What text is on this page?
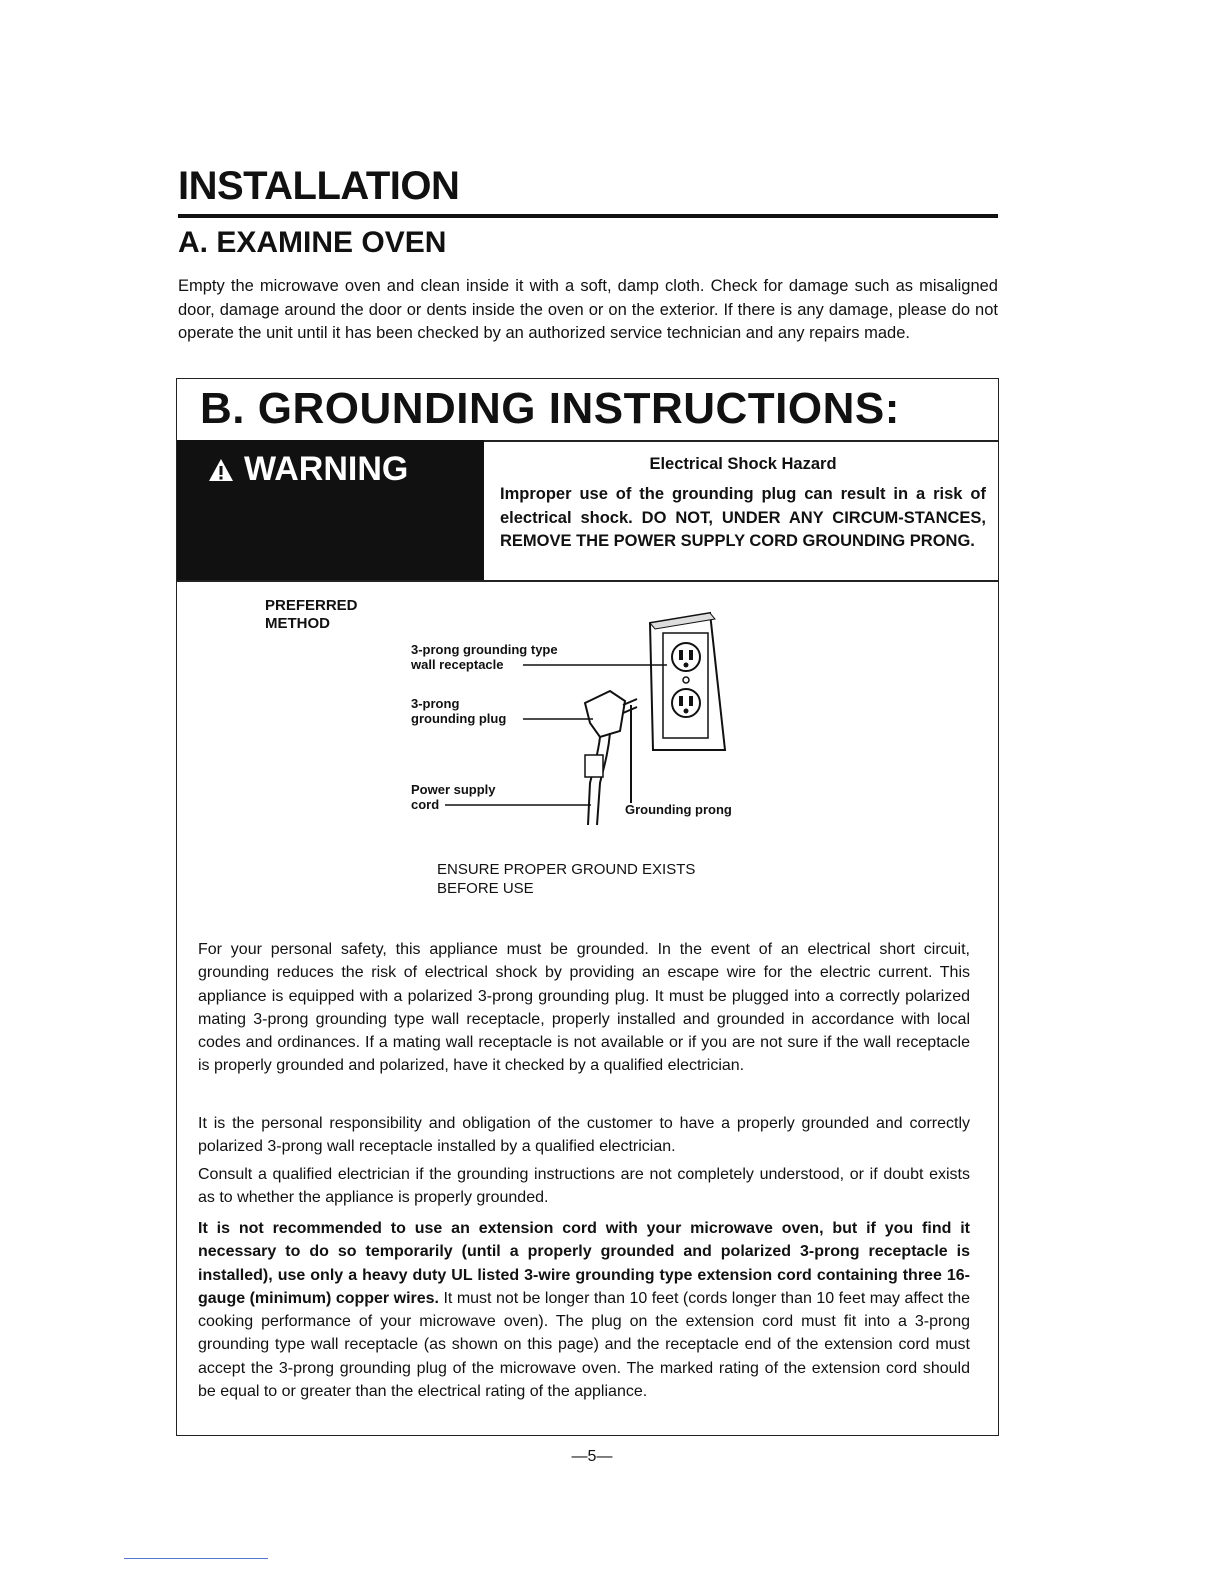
INSTALLATION
A. EXAMINE OVEN
Empty the microwave oven and clean inside it with a soft, damp cloth. Check for damage such as misaligned door, damage around the door or dents inside the oven or on the exterior. If there is any damage, please do not operate the unit until it has been checked by an authorized service technician and any repairs made.
B. GROUNDING INSTRUCTIONS:
WARNING	Electrical Shock Hazard
Improper use of the grounding plug can result in a risk of electrical shock. DO NOT, UNDER ANY CIRCUM-STANCES, REMOVE THE POWER SUPPLY CORD GROUNDING PRONG.
PREFERRED METHOD
3-prong grounding type
wall receptacle
3-prong
grounding plug
Power supply
cord	Grounding prong
ENSURE PROPER GROUND EXISTS
BEFORE USE
For your personal safety, this appliance must be grounded. In the event of an electrical short circuit, grounding reduces the risk of electrical shock by providing an escape wire for the electric current. This appliance is equipped with a polarized 3-prong grounding plug. It must be plugged into a correctly polarized mating 3-prong grounding type wall receptacle, properly installed and grounded in accordance with local codes and ordinances. If a mating wall receptacle is not available or if you are not sure if the wall receptacle is properly grounded and polarized, have it checked by a qualified electrician.
It is the personal responsibility and obligation of the customer to have a properly grounded and correctly polarized 3-prong wall receptacle installed by a qualified electrician.
Consult a qualified electrician if the grounding instructions are not completely understood, or if doubt exists as to whether the appliance is properly grounded.
It is not recommended to use an extension cord with your microwave oven, but if you find it necessary to do so temporarily (until a properly grounded and polarized 3-prong receptacle is installed), use only a heavy duty UL listed 3-wire grounding type extension cord containing three 16-gauge (minimum) copper wires. It must not be longer than 10 feet (cords longer than 10 feet may affect the cooking performance of your microwave oven). The plug on the extension cord must fit into a 3-prong grounding type wall receptacle (as shown on this page) and the receptacle end of the extension cord must accept the 3-prong grounding plug of the microwave oven. The marked rating of the extension cord should be equal to or greater than the electrical rating of the appliance.
—5—
